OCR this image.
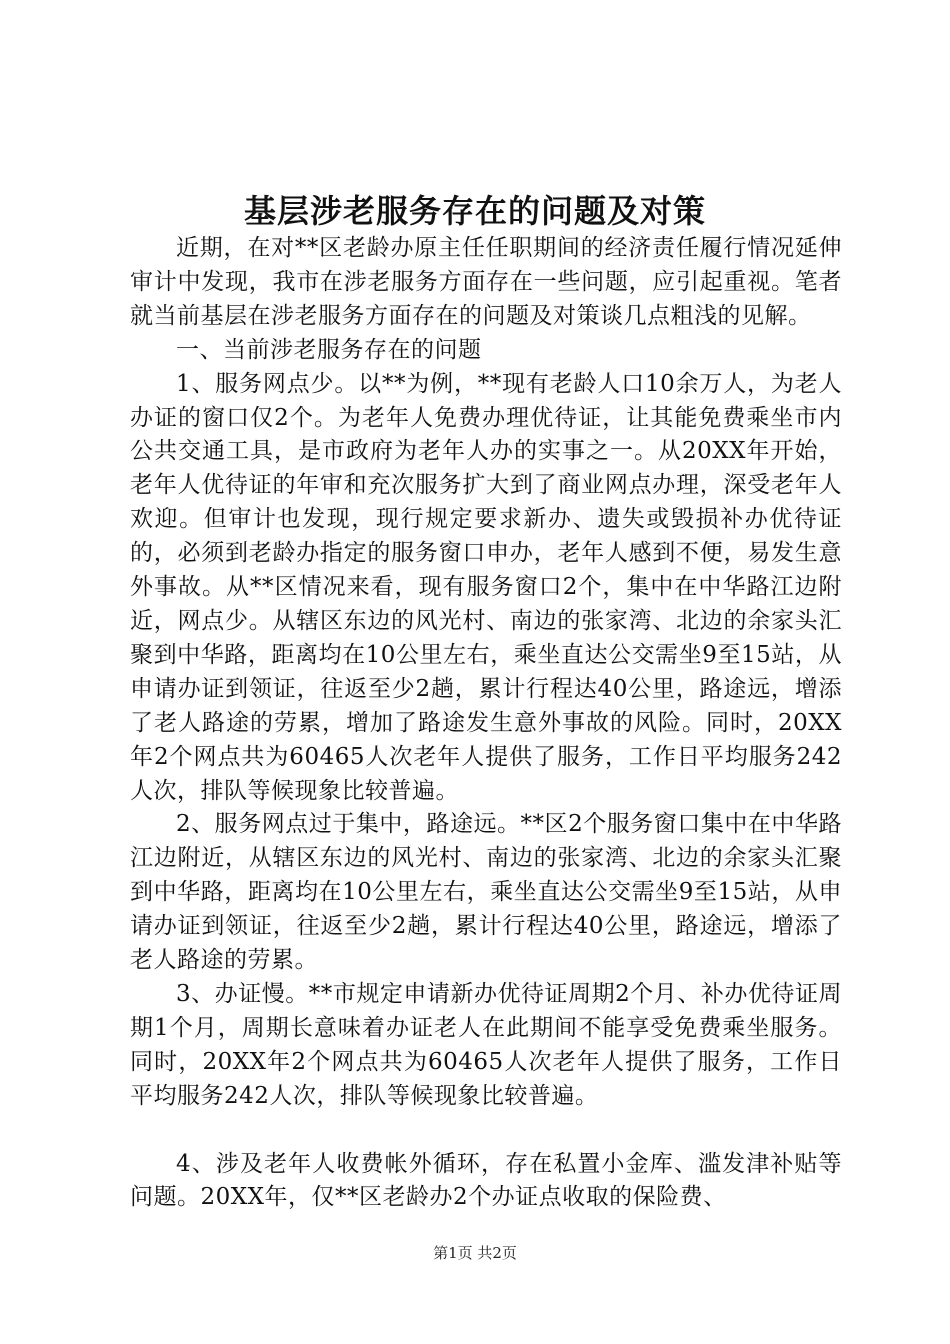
基层涉老服务存在的问题及对策

近期，在对**区老龄办原主任任职期间的经济责任履行情况延伸审计中发现，我市在涉老服务方面存在一些问题，应引起重视。笔者就当前基层在涉老服务方面存在的问题及对策谈几点粗浅的见解。

一、当前涉老服务存在的问题

1、服务网点少。以**为例，**现有老龄人口10余万人，为老人办证的窗口仅2个。为老年人免费办理优待证，让其能免费乘坐市内公共交通工具，是市政府为老年人办的实事之一。从20XX年开始，老年人优待证的年审和充次服务扩大到了商业网点办理，深受老年人欢迎。但审计也发现，现行规定要求新办、遗失或毁损补办优待证的，必须到老龄办指定的服务窗口申办，老年人感到不便，易发生意外事故。从**区情况来看，现有服务窗口2个，集中在中华路江边附近，网点少。从辖区东边的风光村、南边的张家湾、北边的余家头汇聚到中华路，距离均在10公里左右，乘坐直达公交需坐9至15站，从申请办证到领证，往返至少2趟，累计行程达40公里，路途远，增添了老人路途的劳累，增加了路途发生意外事故的风险。同时，20XX年2个网点共为60465人次老年人提供了服务，工作日平均服务242人次，排队等候现象比较普遍。

2、服务网点过于集中，路途远。**区2个服务窗口集中在中华路江边附近，从辖区东边的风光村、南边的张家湾、北边的余家头汇聚到中华路，距离均在10公里左右，乘坐直达公交需坐9至15站，从申请办证到领证，往返至少2趟，累计行程达40公里，路途远，增添了老人路途的劳累。

3、办证慢。**市规定申请新办优待证周期2个月、补办优待证周期1个月，周期长意味着办证老人在此期间不能享受免费乘坐服务。同时，20XX年2个网点共为60465人次老年人提供了服务，工作日平均服务242人次，排队等候现象比较普遍。

4、涉及老年人收费帐外循环，存在私置小金库、滥发津补贴等问题。20XX年，仅**区老龄办2个办证点收取的保险费、

第1页 共2页
